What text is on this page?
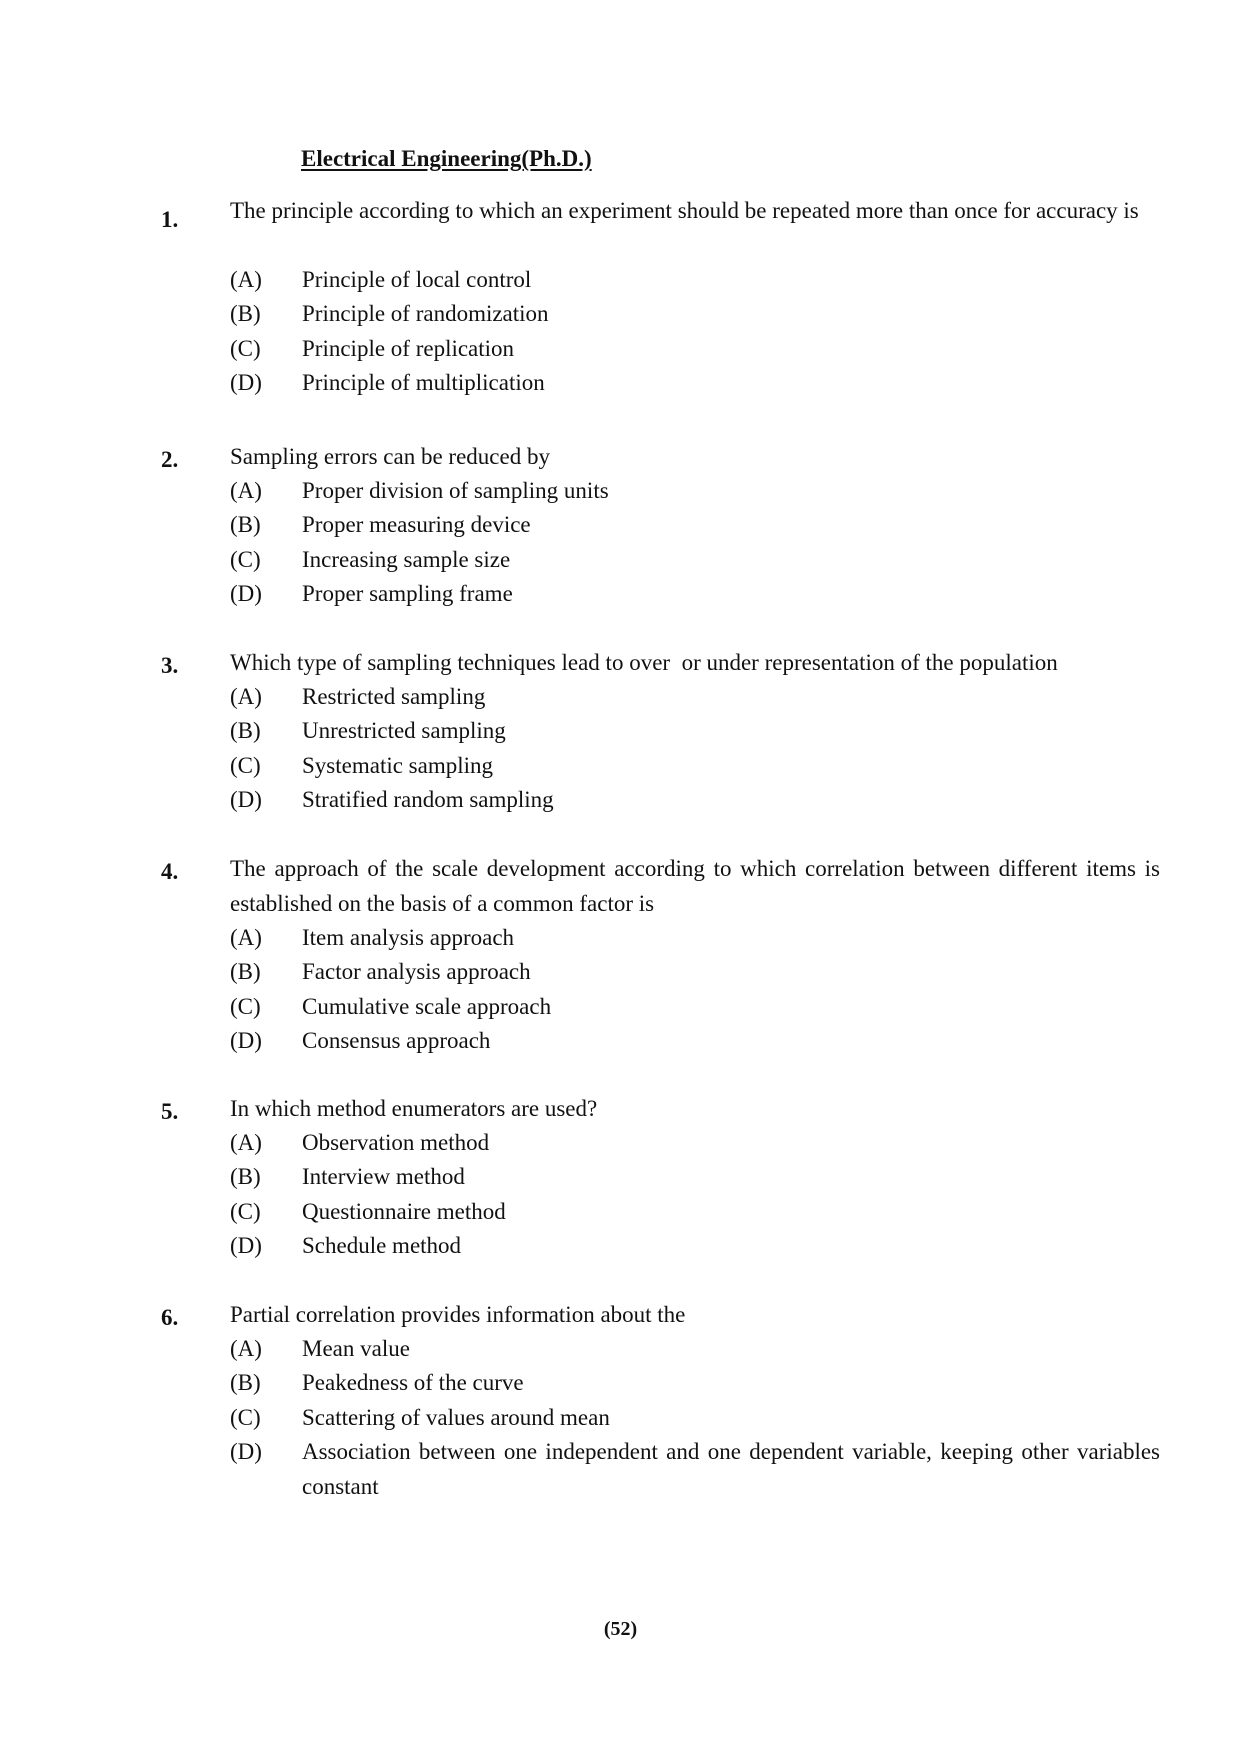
Electrical Engineering(Ph.D.)
1. The principle according to which an experiment should be repeated more than once for accuracy is

(A) Principle of local control
(B) Principle of randomization
(C) Principle of replication
(D) Principle of multiplication
2. Sampling errors can be reduced by

(A) Proper division of sampling units
(B) Proper measuring device
(C) Increasing sample size
(D) Proper sampling frame
3. Which type of sampling techniques lead to over  or under representation of the population

(A) Restricted sampling
(B) Unrestricted sampling
(C) Systematic sampling
(D) Stratified random sampling
4. The approach of the scale development according to which correlation between different items is established on the basis of a common factor is

(A) Item analysis approach
(B) Factor analysis approach
(C) Cumulative scale approach
(D) Consensus approach
5. In which method enumerators are used?

(A) Observation method
(B) Interview method
(C) Questionnaire method
(D) Schedule method
6. Partial correlation provides information about the

(A) Mean value
(B) Peakedness of the curve
(C) Scattering of values around mean
(D) Association between one independent and one dependent variable, keeping other variables constant
(52)
